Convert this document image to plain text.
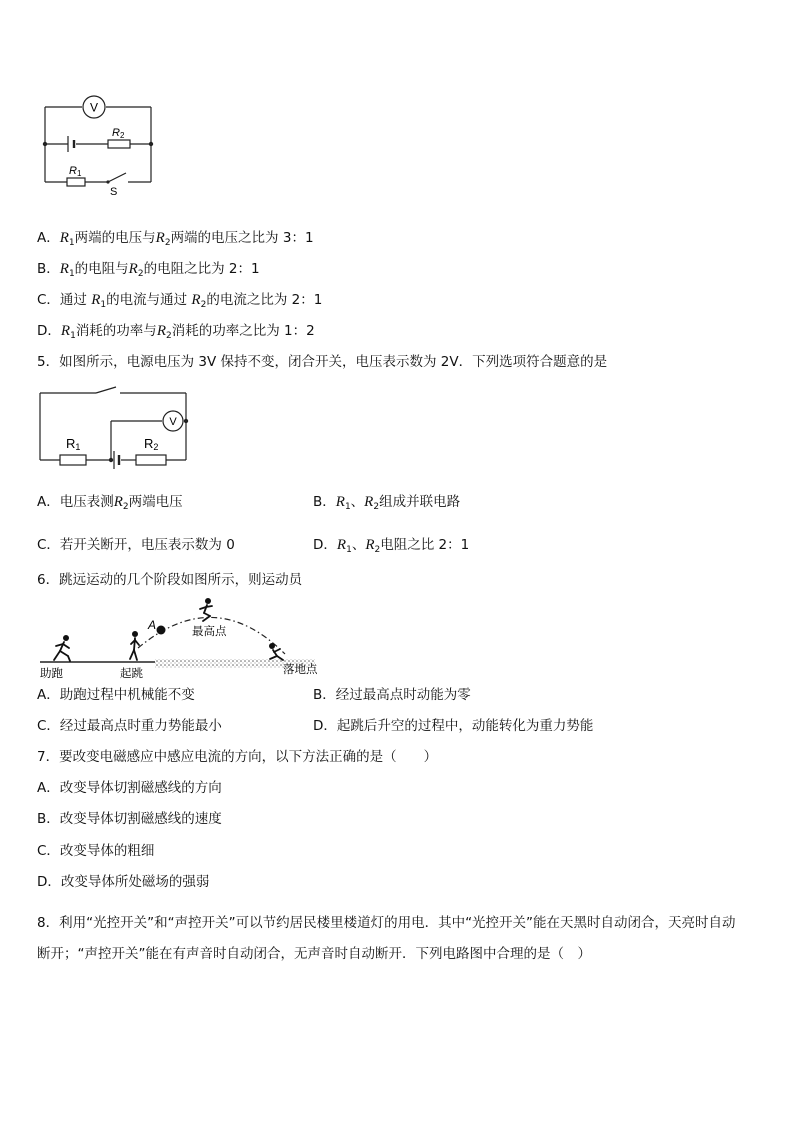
V
R2
R1
S
A．$R_1$两端的电压与$R_2$两端的电压之比为 3：1
B．$R_1$的电阻与$R_2$的电阻之比为 2：1
C．通过 $R_1$的电流与通过 $R_2$的电流之比为 2：1
D．$R_1$消耗的功率与$R_2$消耗的功率之比为 1：2
5．如图所示，电源电压为 3V 保持不变，闭合开关，电压表示数为 2V．下列选项符合题意的是
V
R1	R2
A．电压表测$R_2$两端电压	B．$R_1$、$R_2$组成并联电路
C．若开关断开，电压表示数为 0	D．$R_1$、$R_2$电阻之比 2：1
6．跳远运动的几个阶段如图所示，则运动员
A	最高点
助跑	起跳	落地点
A．助跑过程中机械能不变	B．经过最高点时动能为零
C．经过最高点时重力势能最小	D．起跳后升空的过程中，动能转化为重力势能
7．要改变电磁感应中感应电流的方向，以下方法正确的是（　　）
A．改变导体切割磁感线的方向
B．改变导体切割磁感线的速度
C．改变导体的粗细
D．改变导体所处磁场的强弱
8．利用“光控开关”和“声控开关”可以节约居民楼里楼道灯的用电．其中“光控开关”能在天黑时自动闭合，天亮时自动
断开；“声控开关”能在有声音时自动闭合，无声音时自动断开．下列电路图中合理的是（　）
